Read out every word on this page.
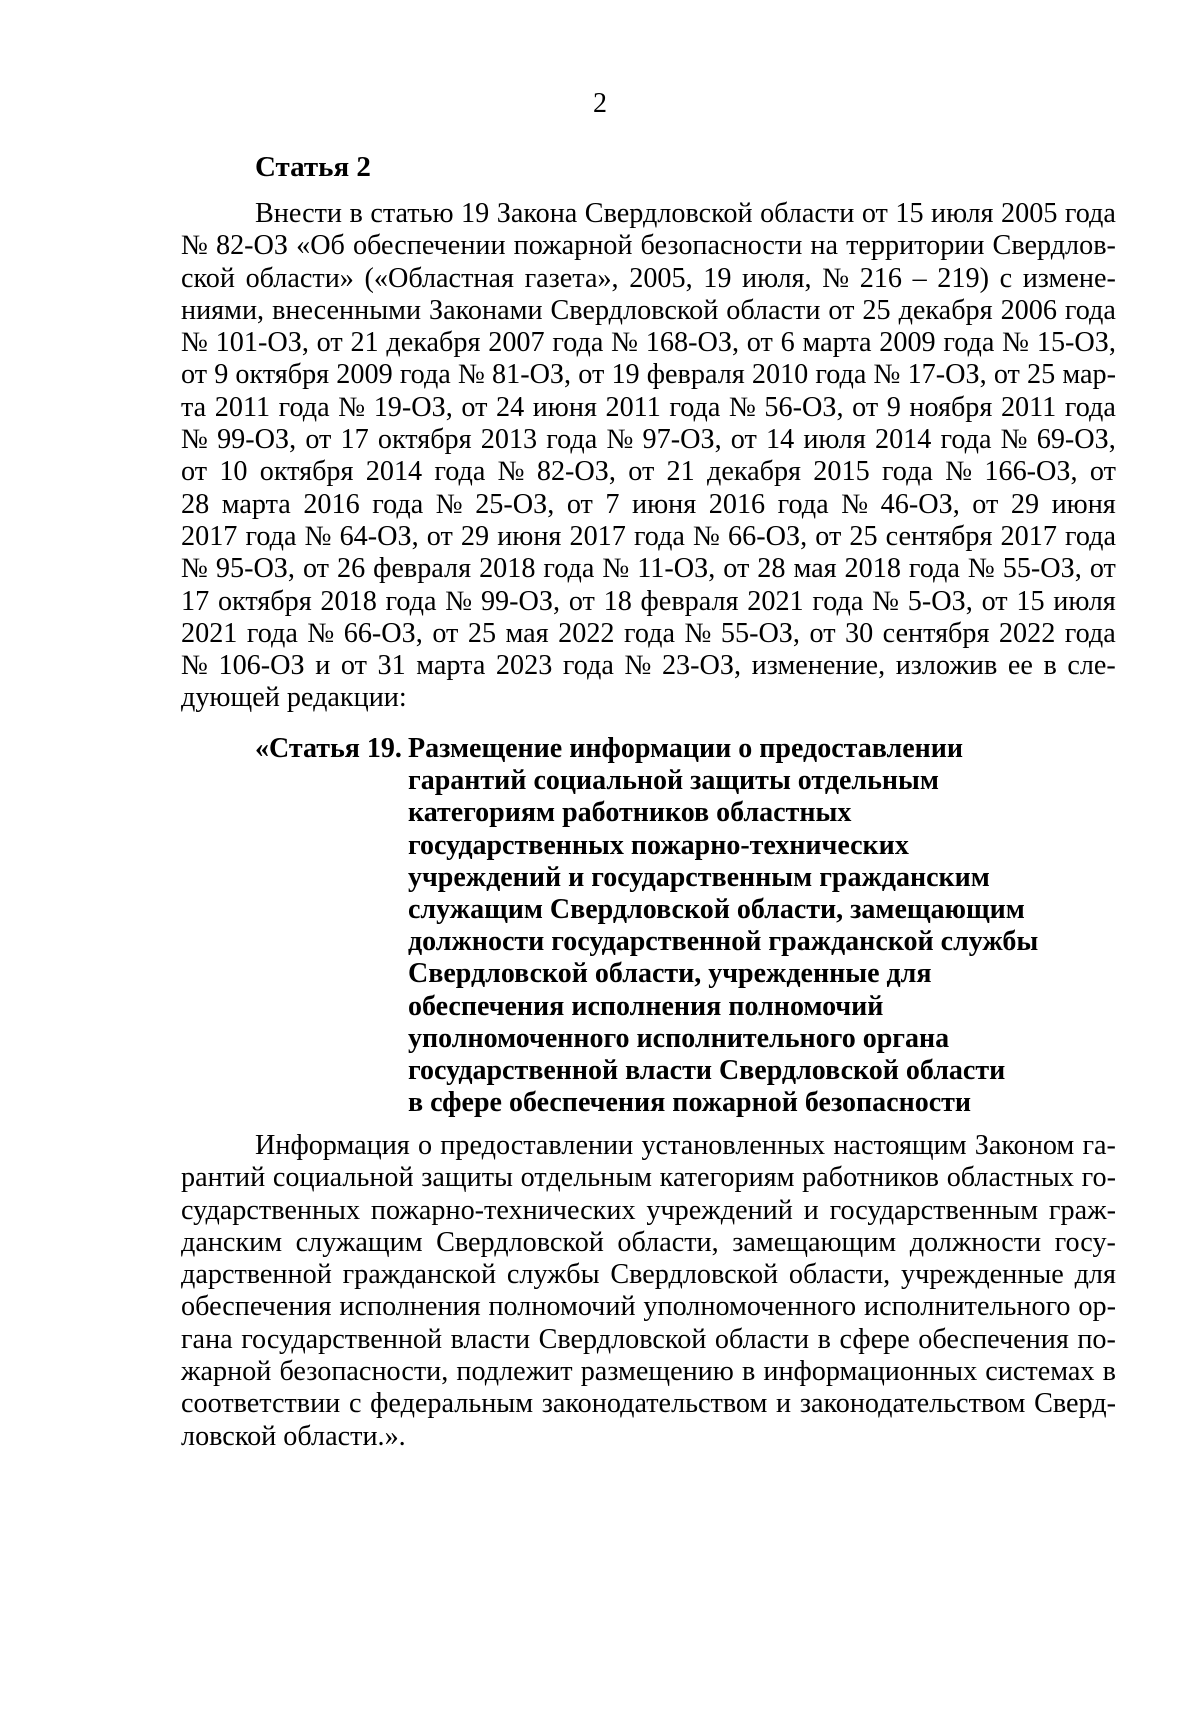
2
Статья 2
Внести в статью 19 Закона Свердловской области от 15 июля 2005 года
№ 82-ОЗ «Об обеспечении пожарной безопасности на территории Свердлов-
ской области» («Областная газета», 2005, 19 июля, № 216 – 219) с измене-
ниями, внесенными Законами Свердловской области от 25 декабря 2006 года
№ 101-ОЗ, от 21 декабря 2007 года № 168-ОЗ, от 6 марта 2009 года № 15-ОЗ,
от 9 октября 2009 года № 81-ОЗ, от 19 февраля 2010 года № 17-ОЗ, от 25 мар-
та 2011 года № 19-ОЗ, от 24 июня 2011 года № 56-ОЗ, от 9 ноября 2011 года
№ 99-ОЗ, от 17 октября 2013 года № 97-ОЗ, от 14 июля 2014 года № 69-ОЗ,
от 10 октября 2014 года № 82-ОЗ, от 21 декабря 2015 года № 166-ОЗ, от
28 марта 2016 года № 25-ОЗ, от 7 июня 2016 года № 46-ОЗ, от 29 июня
2017 года № 64-ОЗ, от 29 июня 2017 года № 66-ОЗ, от 25 сентября 2017 года
№ 95-ОЗ, от 26 февраля 2018 года № 11-ОЗ, от 28 мая 2018 года № 55-ОЗ, от
17 октября 2018 года № 99-ОЗ, от 18 февраля 2021 года № 5-ОЗ, от 15 июля
2021 года № 66-ОЗ, от 25 мая 2022 года № 55-ОЗ, от 30 сентября 2022 года
№ 106-ОЗ и от 31 марта 2023 года № 23-ОЗ, изменение, изложив ее в сле-
дующей редакции:
«Статья 19. Размещение информации о предоставлении
гарантий социальной защиты отдельным
категориям работников областных
государственных пожарно-технических
учреждений и государственным гражданским
служащим Свердловской области, замещающим
должности государственной гражданской службы
Свердловской области, учрежденные для
обеспечения исполнения полномочий
уполномоченного исполнительного органа
государственной власти Свердловской области
в сфере обеспечения пожарной безопасности
Информация о предоставлении установленных настоящим Законом га-
рантий социальной защиты отдельным категориям работников областных го-
сударственных пожарно-технических учреждений и государственным граж-
данским служащим Свердловской области, замещающим должности госу-
дарственной гражданской службы Свердловской области, учрежденные для
обеспечения исполнения полномочий уполномоченного исполнительного ор-
гана государственной власти Свердловской области в сфере обеспечения по-
жарной безопасности, подлежит размещению в информационных системах в
соответствии с федеральным законодательством и законодательством Сверд-
ловской области.».
